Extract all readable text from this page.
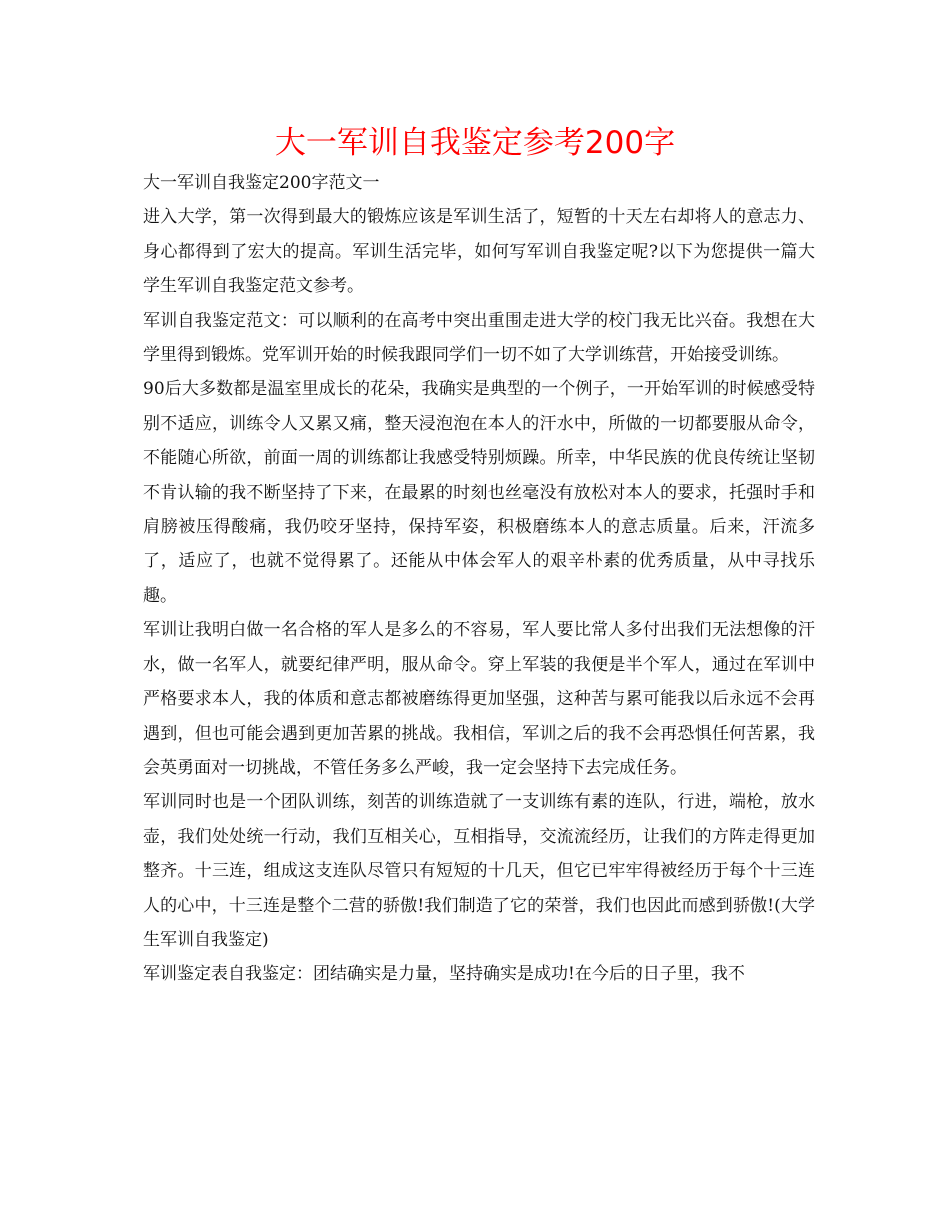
大一军训自我鉴定参考200字

大一军训自我鉴定200字范文一

进入大学，第一次得到最大的锻炼应该是军训生活了，短暂的十天左右却将人的意志力、身心都得到了宏大的提高。军训生活完毕，如何写军训自我鉴定呢?以下为您提供一篇大学生军训自我鉴定范文参考。

军训自我鉴定范文：可以顺利的在高考中突出重围走进大学的校门我无比兴奋。我想在大学里得到锻炼。党军训开始的时候我跟同学们一切不如了大学训练营，开始接受训练。

90后大多数都是温室里成长的花朵，我确实是典型的一个例子，一开始军训的时候感受特别不适应，训练令人又累又痛，整天浸泡泡在本人的汗水中，所做的一切都要服从命令，不能随心所欲，前面一周的训练都让我感受特别烦躁。所幸，中华民族的优良传统让坚韧不肯认输的我不断坚持了下来，在最累的时刻也丝毫没有放松对本人的要求，托强时手和肩膀被压得酸痛，我仍咬牙坚持，保持军姿，积极磨练本人的意志质量。后来，汗流多了，适应了，也就不觉得累了。还能从中体会军人的艰辛朴素的优秀质量，从中寻找乐趣。

军训让我明白做一名合格的军人是多么的不容易，军人要比常人多付出我们无法想像的汗水，做一名军人，就要纪律严明，服从命令。穿上军装的我便是半个军人，通过在军训中严格要求本人，我的体质和意志都被磨练得更加坚强，这种苦与累可能我以后永远不会再遇到，但也可能会遇到更加苦累的挑战。我相信，军训之后的我不会再恐惧任何苦累，我会英勇面对一切挑战，不管任务多么严峻，我一定会坚持下去完成任务。

军训同时也是一个团队训练，刻苦的训练造就了一支训练有素的连队，行进，端枪，放水壶，我们处处统一行动，我们互相关心，互相指导，交流流经历，让我们的方阵走得更加整齐。十三连，组成这支连队尽管只有短短的十几天，但它已牢牢得被经历于每个十三连人的心中，十三连是整个二营的骄傲!我们制造了它的荣誉，我们也因此而感到骄傲!(大学生军训自我鉴定)

军训鉴定表自我鉴定：团结确实是力量，坚持确实是成功!在今后的日子里，我不
